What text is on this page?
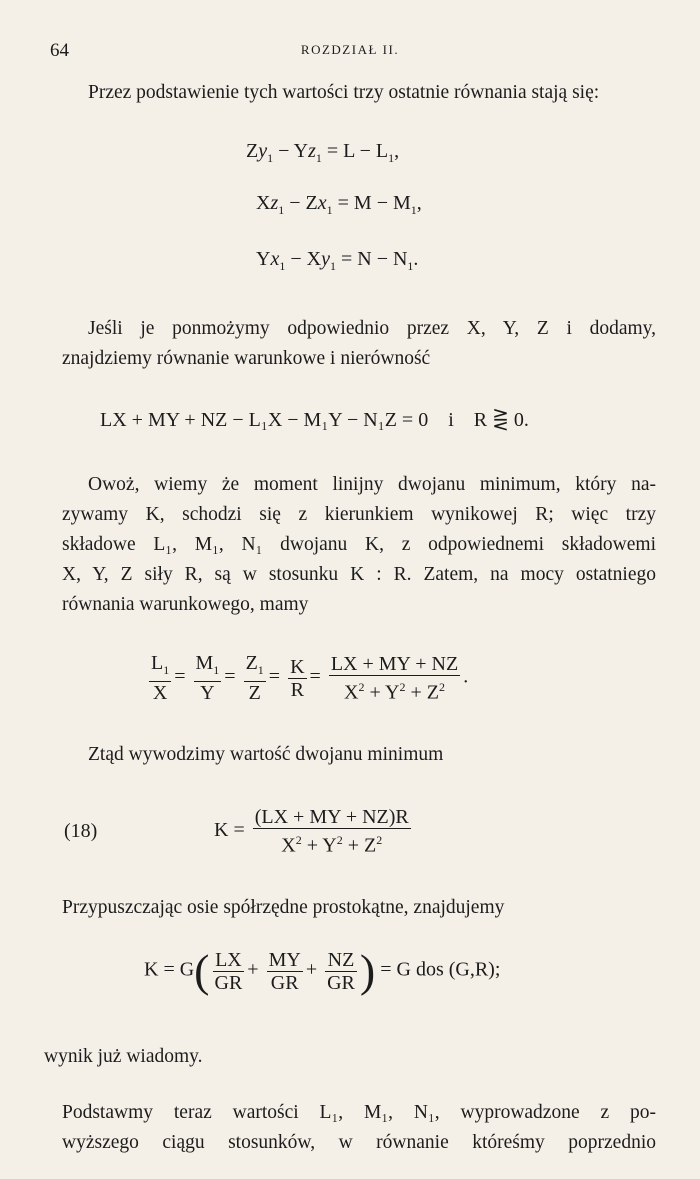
64	ROZDZIAŁ II.
Przez podstawienie tych wartości trzy ostatnie równania stają się:
$Zy_1 - Yz_1 = L - L_1$,
$Xz_1 - Zx_1 = M - M_1$,
$Yx_1 - Xy_1 = N - N_1$.
Jeśli je ponmożymy odpowiednio przez X, Y, Z i dodamy,
znajdziemy równanie warunkowe i nierówność
LX + MY + NZ − L₁X − M₁Y − N₁Z = 0 i R ⋛ 0.
Owoż, wiemy że moment linijny dwojanu minimum, który na-
zywamy K, schodzi się z kierunkiem wynikowej R; więc trzy
składowe L₁, M₁, N₁ dwojanu K, z odpowiednemi składowemi
X, Y, Z siły R, są w stosunku K : R. Zatem, na mocy ostatniego
równania warunkowego, mamy
$\frac{L_1}{X} = \frac{M_1}{Y} = \frac{Z_1}{Z} = \frac{K}{R} = \frac{LX + MY + NZ}{X^2 + Y^2 + Z^2}$ .
Ztąd wywodzimy wartość dwojanu minimum
(18)	$K = \frac{(LX + MY + NZ)R}{X^2 + Y^2 + Z^2}$
Przypuszczając osie spółrzędne prostokątne, znajdujemy
$K = G( \frac{LX}{GR} + \frac{MY}{GR} + \frac{NZ}{GR}$ ) = G dos (G,R);
wynik już wiadomy.
Podstawmy teraz wartości L₁, M₁, N₁, wyprowadzone z po-
wyższego ciągu stosunków, w równanie któreśmy poprzednio
